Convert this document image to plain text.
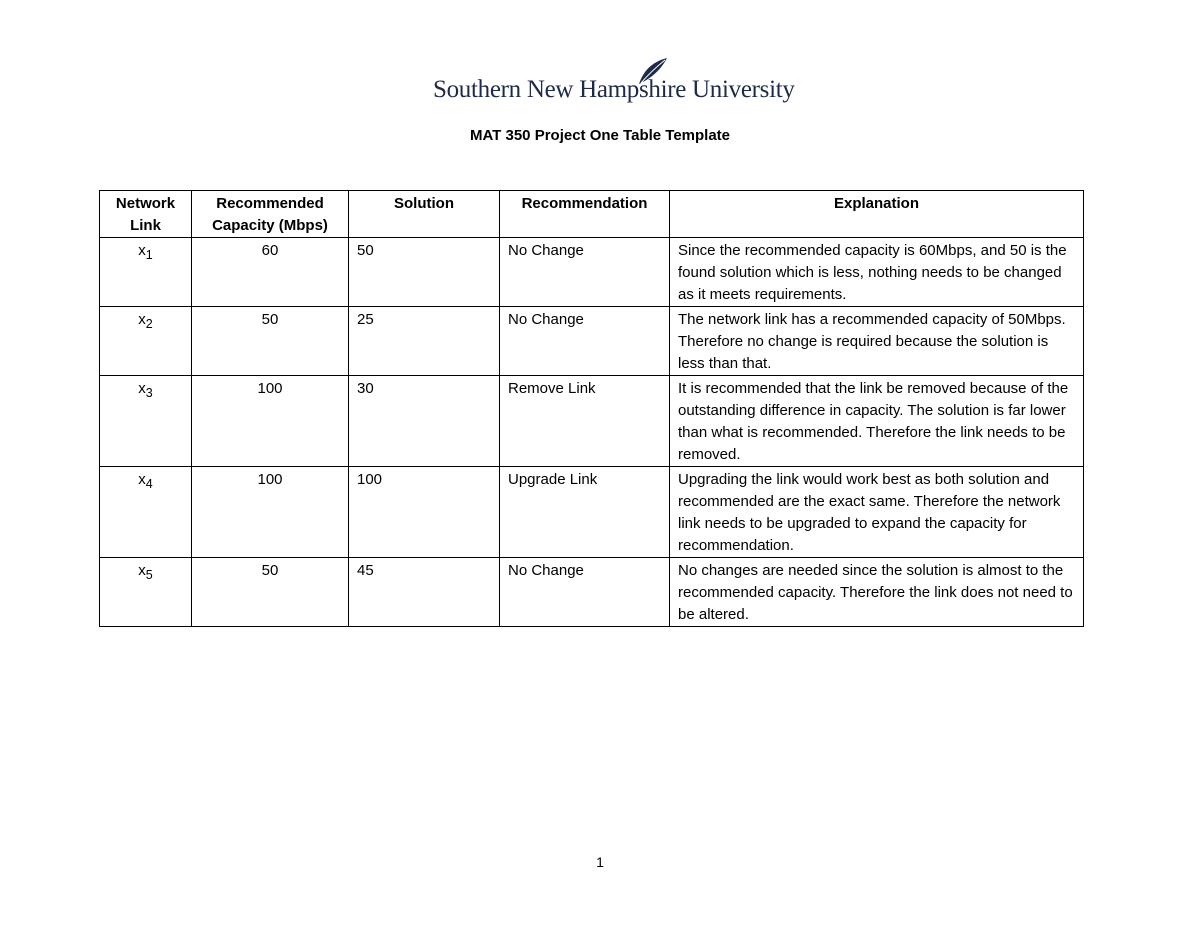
Southern New Hampshire University
MAT 350 Project One Table Template
Network Link	Recommended Capacity (Mbps)	Solution	Recommendation	Explanation
$x_1$	60	50	No Change	Since the recommended capacity is 60Mbps, and 50 is the found solution which is less, nothing needs to be changed as it meets requirements.
$x_2$	50	25	No Change	The network link has a recommended capacity of 50Mbps. Therefore no change is required because the solution is less than that.
$x_3$	100	30	Remove Link	It is recommended that the link be removed because of the outstanding difference in capacity. The solution is far lower than what is recommended. Therefore the link needs to be removed.
$x_4$	100	100	Upgrade Link	Upgrading the link would work best as both solution and recommended are the exact same. Therefore the network link needs to be upgraded to expand the capacity for recommendation.
$x_5$	50	45	No Change	No changes are needed since the solution is almost to the recommended capacity. Therefore the link does not need to be altered.
1
